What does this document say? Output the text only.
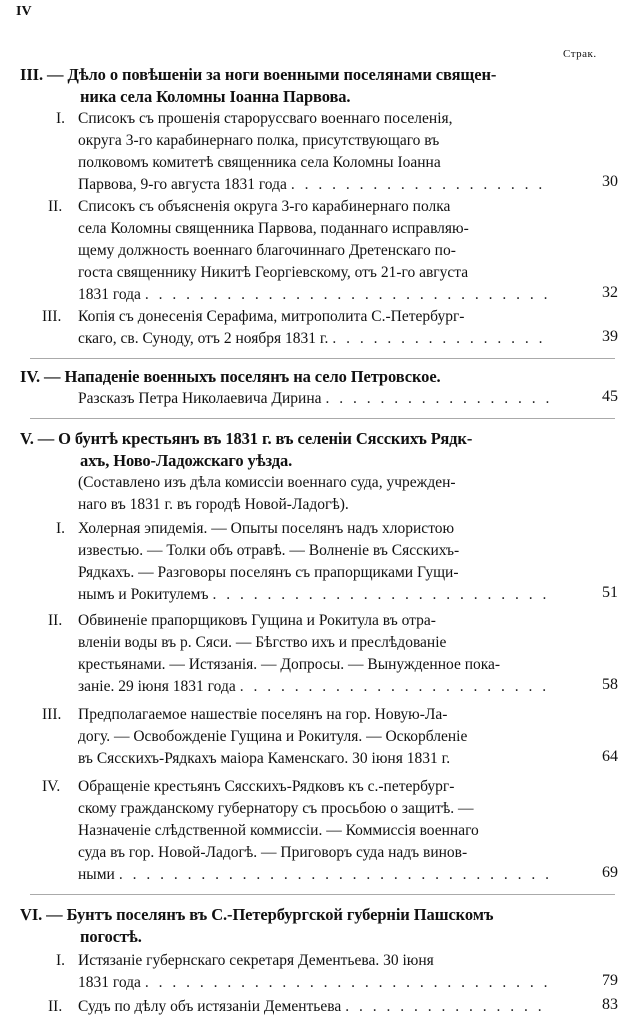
IV
Страк.
III. — Дѣло о повѣшенiи за ноги военными поселянами священ-
ника села Коломны Iоанна Парвова.
I. Списокъ съ прошенiя староруссваго военнаго поселенія,
округа 3-го карабинернаго полка, присутствующаго въ
полковомъ комитетѣ священника села Коломны Iоанна
Парвова, 9-го августа 1831 года . . .	30
II. Списокъ съ объясненія округа 3-го карабинернаго полка
села Коломны священника Парвова, поданнаго исправляю-
щему должность военнаго благочиннаго Дретенскаго по-
госта священнику Никитѣ Георгіевскому, отъ 21-го августа
1831 года . . .	32
III. Копія съ донесенія Серафима, митрополита С.-Петербург-
скаго, св. Суноду, отъ 2 ноября 1831 г. . . .	39
IV. — Нападеніе военныхъ поселянъ на село Петровское.
Разсказъ Петра Николаевича Дирина . . .	45
V. — О бунтѣ крестьянъ въ 1831 г. въ селеніи Сясскихъ Рядк-
ахъ, Ново-Ладожскаго уѣзда.
(Составлено изъ дѣла комиссіи военнаго суда, учрежден-
наго въ 1831 г. въ городѣ Новой-Ладогѣ).
I. Холерная эпидемія. — Опыты поселянъ надъ хлористою
известью. — Толки объ отравѣ. — Волненіе въ Сясскихъ-
Рядкахъ. — Разговоры поселянъ съ прапорщиками Гущи-
нымъ и Рокитулемъ . . .	51
II. Обвиненіе прапорщиковъ Гущина и Рокитула въ отра-
вленіи воды въ р. Сяси. — Бѣгство ихъ и преслѣдованіе
крестьянами. — Истязанія. — Допросы. — Вынужденное пока-
заніе. 29 іюня 1831 года . . .	58
III. Предполагаемое нашествіе поселянъ на гор. Новую-Ла-
догу. — Освобожденіе Гущина и Рокитуля. — Оскорбленіе
въ Сясскихъ-Рядкахъ маіора Каменскаго. 30 іюня 1831 г.	64
IV. Обращеніе крестьянъ Сясскихъ-Рядковъ къ с.-петербург-
скому гражданскому губернатору съ просьбою о защитѣ. —
Назначеніе слѣдственной коммиссіи. — Коммиссія военнаго
суда въ гор. Новой-Ладогѣ. — Приговоръ суда надъ винов-
ными . . .	69
VI. — Бунтъ поселянъ въ С.-Петербургской губерніи Пашскомъ
погостѣ.
I. Истязаніе губернскаго секретаря Дементьева. 30 іюня
1831 года . . .	79
II. Судъ по дѣлу объ истязаніи Дементьева . . .	83
